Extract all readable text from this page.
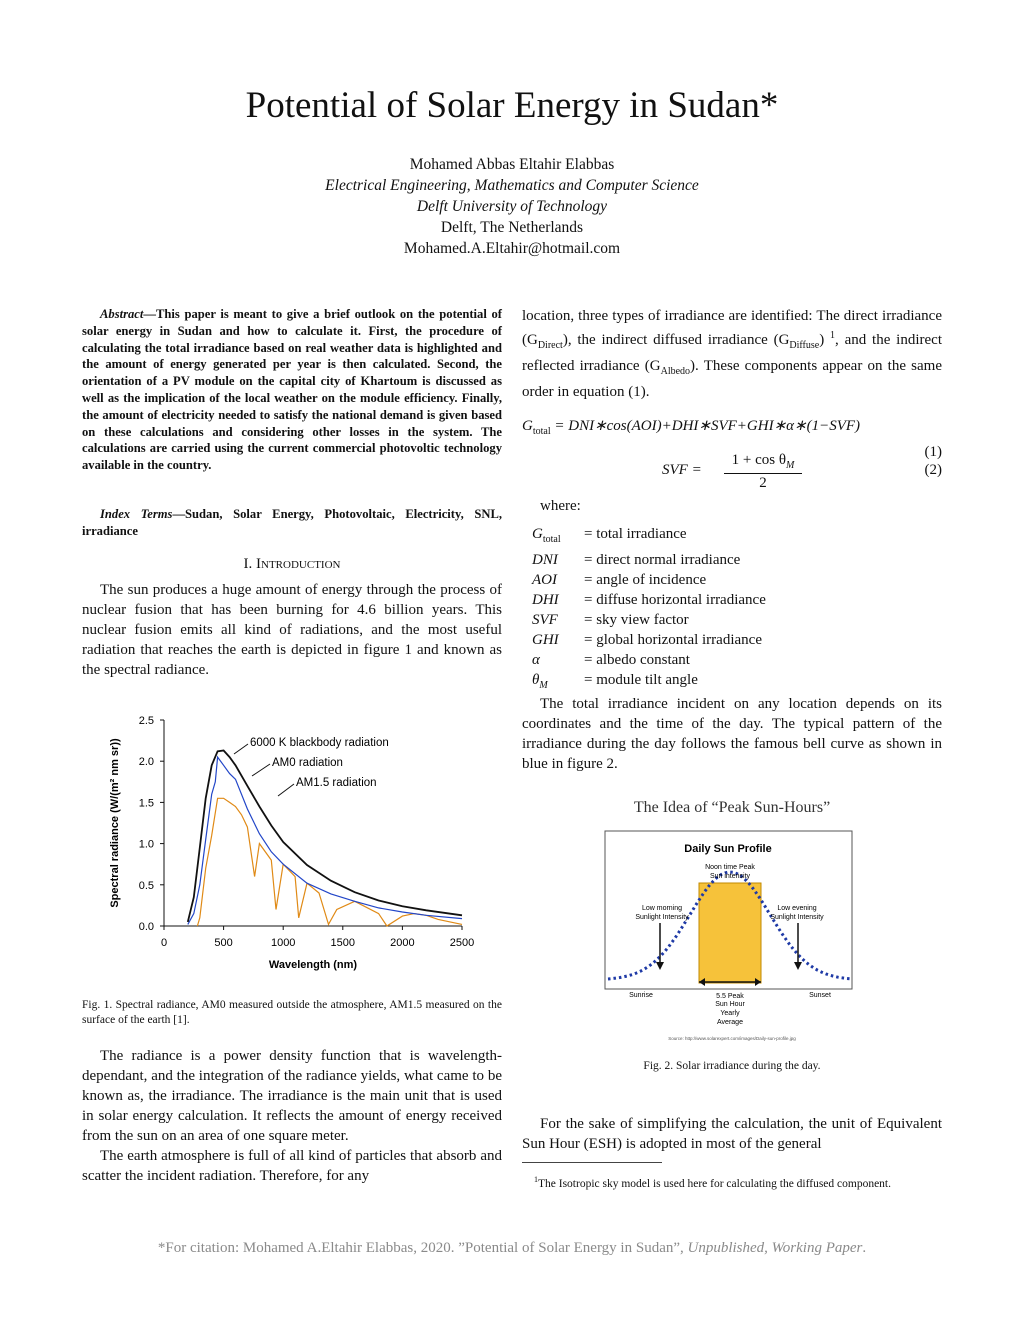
Potential of Solar Energy in Sudan*
Mohamed Abbas Eltahir Elabbas
Electrical Engineering, Mathematics and Computer Science
Delft University of Technology
Delft, The Netherlands
Mohamed.A.Eltahir@hotmail.com
Abstract—This paper is meant to give a brief outlook on the potential of solar energy in Sudan and how to calculate it. First, the procedure of calculating the total irradiance based on real weather data is highlighted and the amount of energy generated per year is then calculated. Second, the orientation of a PV module on the capital city of Khartoum is discussed as well as the implication of the local weather on the module efficiency. Finally, the amount of electricity needed to satisfy the national demand is given based on these calculations and considering other losses in the system. The calculations are carried using the current commercial photovoltic technology available in the country.
Index Terms—Sudan, Solar Energy, Photovoltaic, Electricity, SNL, irradiance
I. Introduction

The sun produces a huge amount of energy through the process of nuclear fusion that has been burning for 4.6 billion years. This nuclear fusion emits all kind of radiations, and the most useful radiation that reaches the earth is depicted in figure 1 and known as the spectral radiance.

0	500	1000	1500	2000	2500
0.0
0.5
1.0
1.5
2.0
2.5
Wavelength (nm)
Spectral radiance (W/(m² nm sr))	6000 K blackbody radiation
AM0 radiation
AM1.5 radiation
Fig. 1. Spectral radiance, AM0 measured outside the atmosphere, AM1.5 measured on the surface of the earth [1].

The radiance is a power density function that is wavelength-dependant, and the integration of the radiance yields, what came to be known as, the irradiance. The irradiance is the main unit that is used in solar energy calculation. It reflects the amount of energy received from the sun on an area of one square meter.

The earth atmosphere is full of all kind of particles that absorb and scatter the incident radiation. Therefore, for any

location, three types of irradiance are identified: The direct irradiance $(G_{Direct})$, the indirect diffused irradiance $(G_{Diffuse})$ $^1$, and the indirect reflected irradiance $(G_{Albedo})$. These components appear on the same order in equation (1).
$G_{total}$ = DNI∗cos(AOI)+DHI∗SVF+GHI∗α∗(1−SVF)
(1)
SVF =
$1 + \cos \theta_M$
2
(2)
where:
$G_{total}$ = total irradiance
DNI = direct normal irradiance
AOI = angle of incidence
DHI = diffuse horizontal irradiance
SVF = sky view factor
GHI = global horizontal irradiance
α	= albedo constant
$\theta_M$ = module tilt angle

The total irradiance incident on any location depends on its coordinates and the time of the day. The typical pattern of the irradiance during the day follows the famous bell curve as shown in blue in figure 2.

The Idea of “Peak Sun-Hours”
Daily Sun Profile
Noon time Peak
Sun intensity
Low morning
Sunlight Intensity
Low evening
Sunlight Intensity
Sunrise	Sunset
5.5 Peak
Sun Hour
Yearly
Average
Source: http://www.solarexpert.com/images/Daily-sun-profile.jpg
Fig. 2. Solar irradiance during the day.

For the sake of simplifying the calculation, the unit of Equivalent Sun Hour (ESH) is adopted in most of the general

$^1$The Isotropic sky model is used here for calculating the diffused component.
*For citation: Mohamed A.Eltahir Elabbas, 2020. ”Potential of Solar Energy in Sudan”, Unpublished, Working Paper.
